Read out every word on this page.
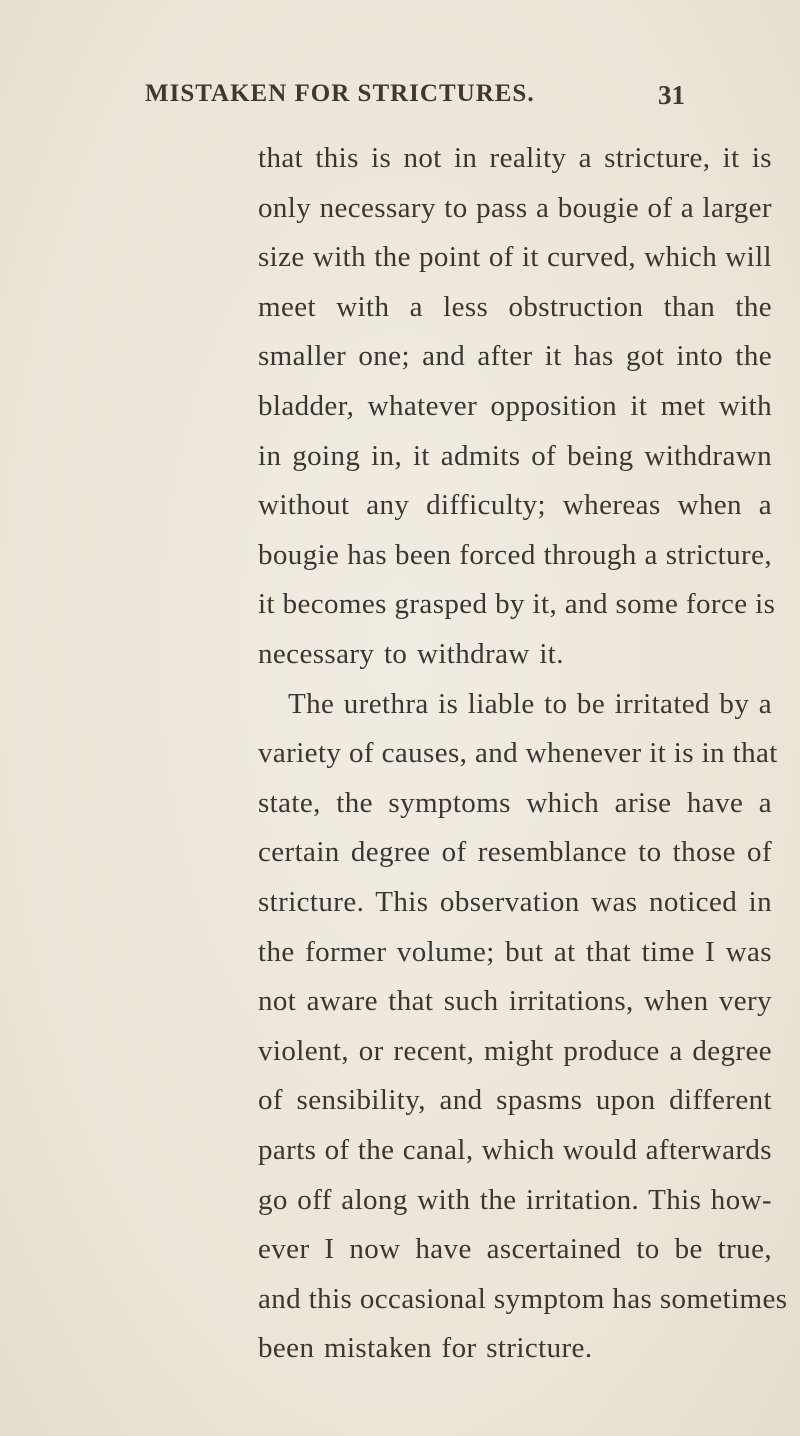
MISTAKEN FOR STRICTURES.	31
that this is not in reality a stricture, it is
only necessary to pass a bougie of a larger
size with the point of it curved, which will
meet with a less obstruction than the
smaller one; and after it has got into the
bladder, whatever opposition it met with
in going in, it admits of being withdrawn
without any difficulty; whereas when a
bougie has been forced through a stricture,
it becomes grasped by it, and some force is
necessary to withdraw it.
The urethra is liable to be irritated by a
variety of causes, and whenever it is in that
state, the symptoms which arise have a
certain degree of resemblance to those of
stricture. This observation was noticed in
the former volume; but at that time I was
not aware that such irritations, when very
violent, or recent, might produce a degree
of sensibility, and spasms upon different
parts of the canal, which would afterwards
go off along with the irritation. This how-
ever I now have ascertained to be true,
and this occasional symptom has sometimes
been mistaken for stricture.
